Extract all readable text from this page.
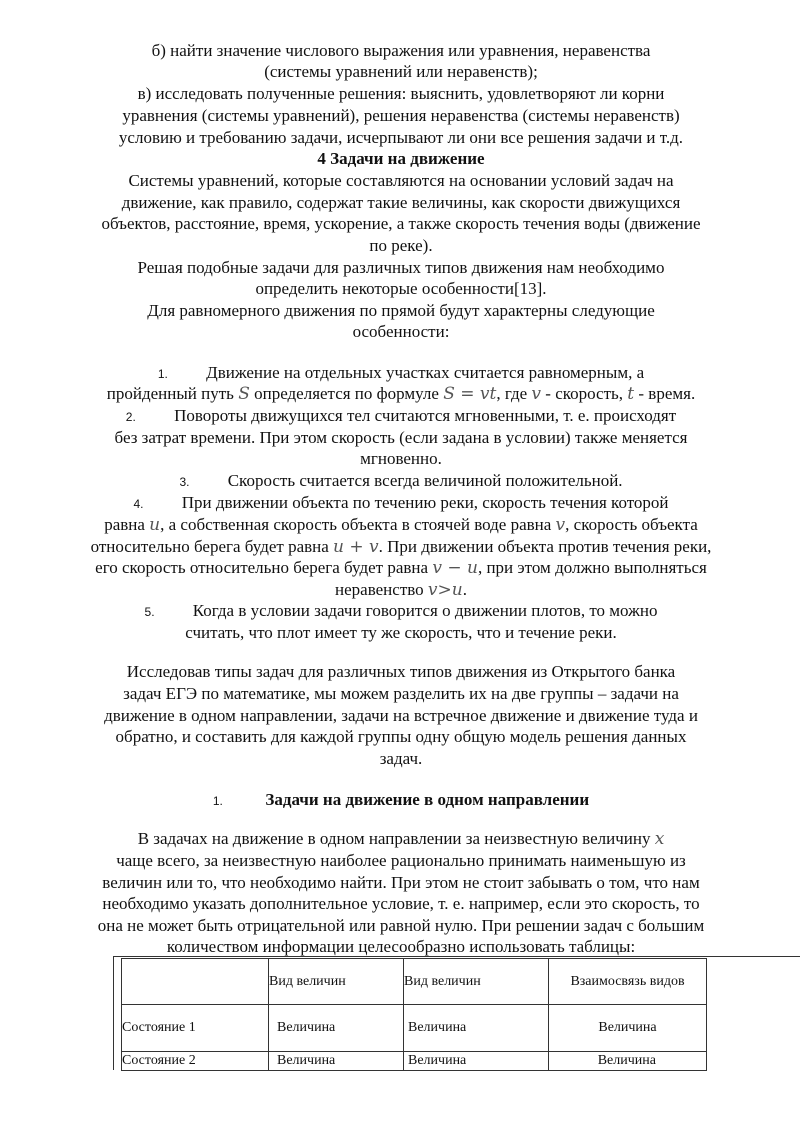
б) найти значение числового выражения или уравнения, неравенства

(системы уравнений или неравенств);

в) исследовать полученные решения: выяснить, удовлетворяют ли корни

уравнения (системы уравнений), решения неравенства (системы неравенств)

условию и требованию задачи, исчерпывают ли они все решения задачи и т.д.

4 Задачи на движение

Системы уравнений, которые составляются на основании условий задач на

движение, как правило, содержат такие величины, как скорости движущихся

объектов, расстояние, время, ускорение, а также скорость течения воды (движение

по реке).

Решая подобные задачи для различных типов движения нам необходимо

определить некоторые особенности[13].

Для равномерного движения по прямой будут характерны следующие

особенности:

1. Движение на отдельных участках считается равномерным, а

пройденный путь S определяется по формуле S = vt, где v - скорость, t - время.

2. Повороты движущихся тел считаются мгновенными, т. е. происходят

без затрат времени. При этом скорость (если задана в условии) также меняется

мгновенно.

3. Скорость считается всегда величиной положительной.

4. При движении объекта по течению реки, скорость течения которой

равна u, а собственная скорость объекта в стоячей воде равна v, скорость объекта

относительно берега будет равна u + v. При движении объекта против течения реки,

его скорость относительно берега будет равна v − u, при этом должно выполняться

неравенство v>u.

5. Когда в условии задачи говорится о движении плотов, то можно

считать, что плот имеет ту же скорость, что и течение реки.

Исследовав типы задач для различных типов движения из Открытого банка

задач ЕГЭ по математике, мы можем разделить их на две группы – задачи на

движение в одном направлении, задачи на встречное движение и движение туда и

обратно, и составить для каждой группы одну общую модель решения данных

задач.

1.	Задачи на движение в одном направлении

В задачах на движение в одном направлении за неизвестную величину x

чаще всего, за неизвестную наиболее рационально принимать наименьшую из

величин или то, что необходимо найти. При этом не стоит забывать о том, что нам

необходимо указать дополнительное условие, т. е. например, если это скорость, то

она не может быть отрицательной или равной нулю. При решении задач с большим

количеством информации целесообразно использовать таблицы:

	Вид величин	Вид величин	Взаимосвязь видов
Состояние 1	Величина	Величина	Величина
Состояние 2	Величина	Величина	Величина
